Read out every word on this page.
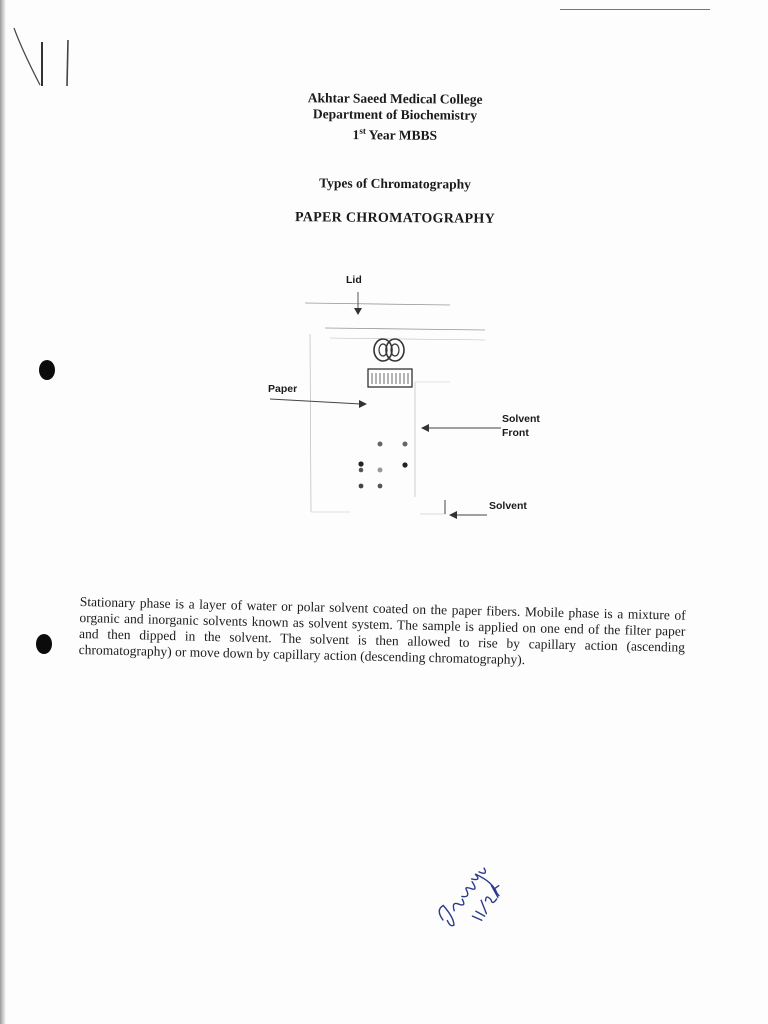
Akhtar Saeed Medical College
Department of Biochemistry
1st Year MBBS
Types of Chromatography
PAPER CHROMATOGRAPHY
Lid
Paper
Solvent
Front
Solvent

Stationary phase is a layer of water or polar solvent coated on the paper fibers. Mobile phase is a mixture of organic and inorganic solvents known as solvent system. The sample is applied on one end of the filter paper and then dipped in the solvent. The solvent is then allowed to rise by capillary action (ascending chromatography) or move down by capillary action (descending chromatography).
